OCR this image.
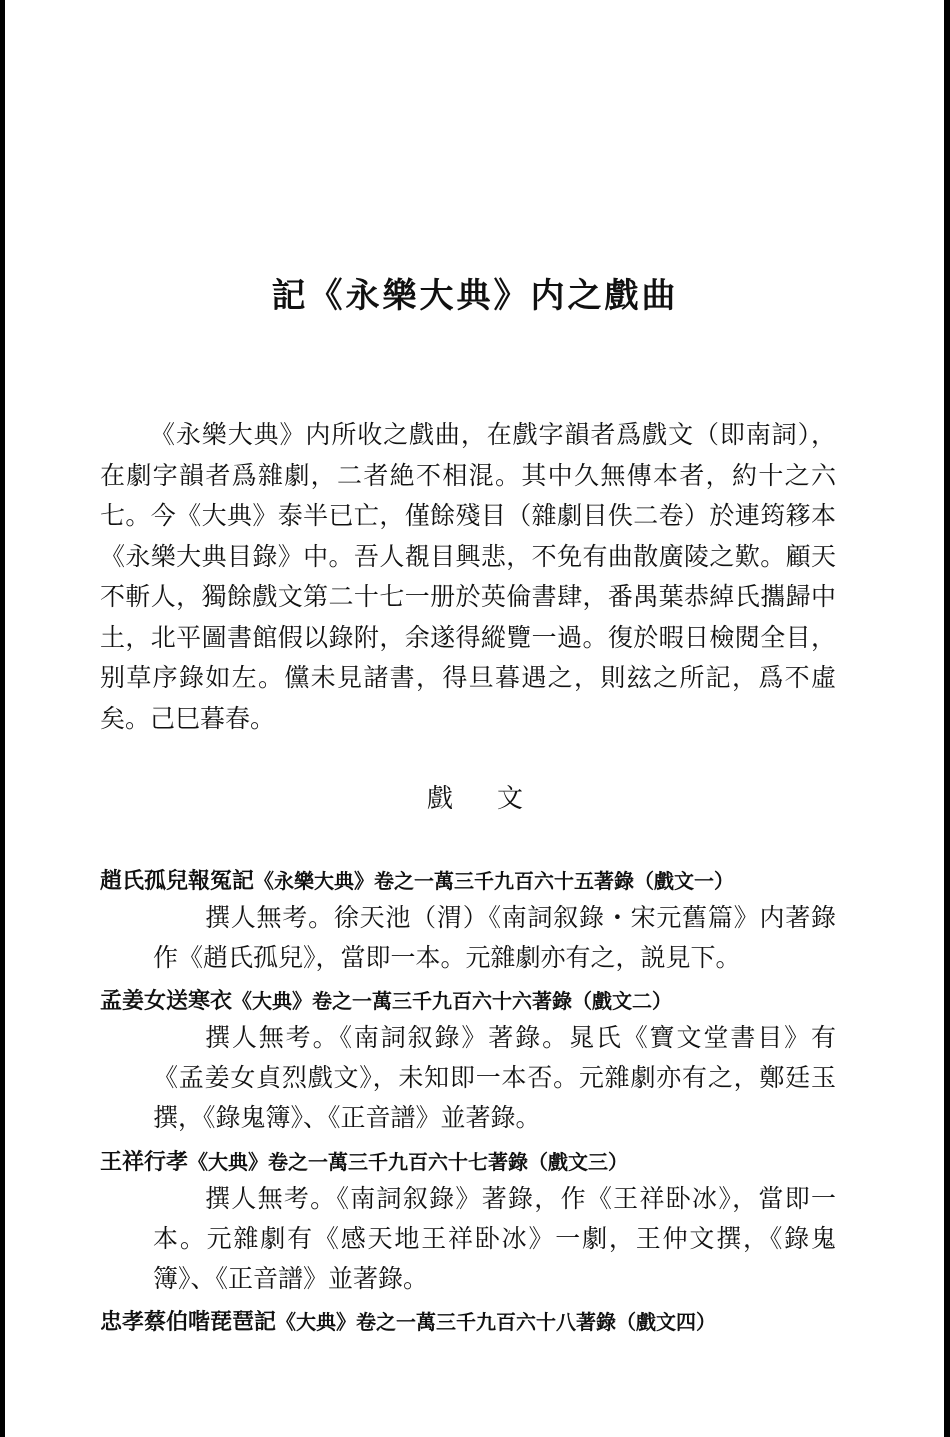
記《永樂大典》内之戲曲

《永樂大典》内所收之戲曲，在戲字韻者爲戲文（即南詞），在劇字韻者爲雜劇，二者絶不相混。其中久無傳本者，約十之六七。今《大典》泰半已亡，僅餘殘目（雜劇目佚二卷）於連筠簃本《永樂大典目錄》中。吾人覩目興悲，不免有曲散廣陵之歎。顧天不斬人，獨餘戲文第二十七一册於英倫書肆，番禺葉恭綽氏攜歸中土，北平圖書館假以錄附，余遂得縱覽一過。復於暇日檢閱全目，别草序錄如左。儻未見諸書，得旦暮遇之，則玆之所記，爲不虛矣。己巳暮春。

戲文
趙氏孤兒報冤記《永樂大典》卷之一萬三千九百六十五著錄（戲文一）

撰人無考。徐天池（渭）《南詞叙錄・宋元舊篇》内著錄作《趙氏孤兒》，當即一本。元雜劇亦有之，説見下。

孟姜女送寒衣《大典》卷之一萬三千九百六十六著錄（戲文二）

撰人無考。《南詞叙錄》著錄。晁氏《寶文堂書目》有《孟姜女貞烈戲文》，未知即一本否。元雜劇亦有之，鄭廷玉撰，《錄鬼簿》、《正音譜》並著錄。

王祥行孝《大典》卷之一萬三千九百六十七著錄（戲文三）

撰人無考。《南詞叙錄》著錄，作《王祥卧冰》，當即一本。元雜劇有《感天地王祥卧冰》一劇，王仲文撰，《錄鬼簿》、《正音譜》並著錄。

忠孝蔡伯喈琵琶記《大典》卷之一萬三千九百六十八著錄（戲文四）
